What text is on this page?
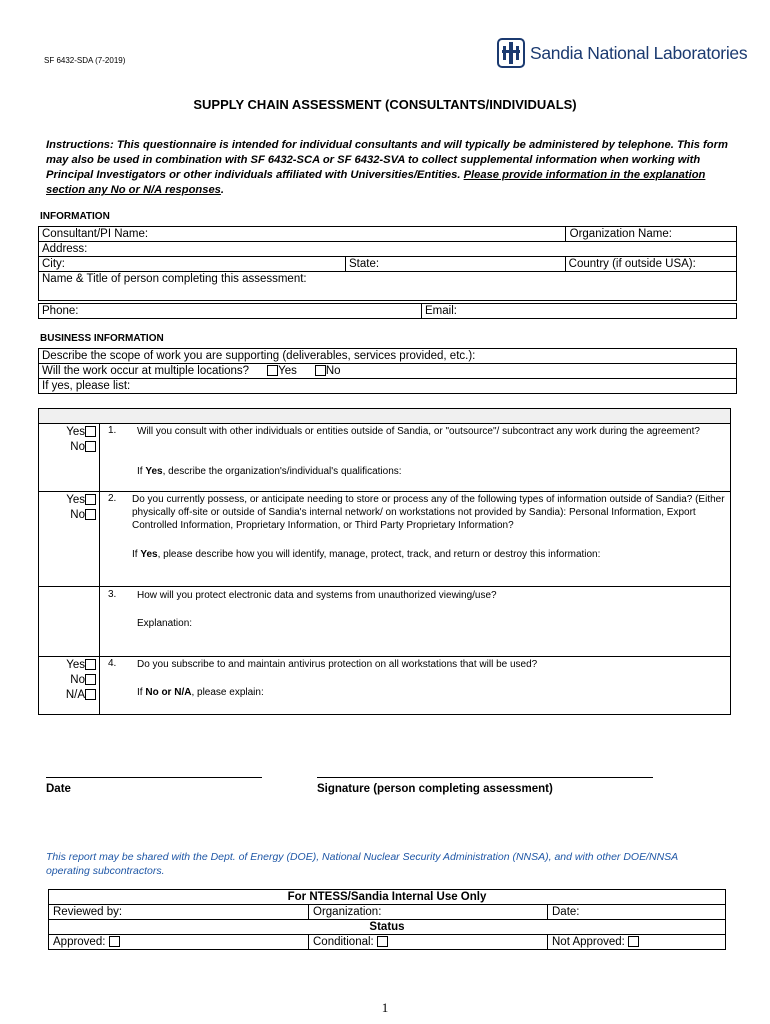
SF 6432-SDA (7-2019)	Sandia National Laboratories
SUPPLY CHAIN ASSESSMENT (CONSULTANTS/INDIVIDUALS)
Instructions: This questionnaire is intended for individual consultants and will typically be administered by telephone. This form may also be used in combination with SF 6432-SCA or SF 6432-SVA to collect supplemental information when working with Principal Investigators or other individuals affiliated with Universities/Entities. Please provide information in the explanation section any No or N/A responses.
INFORMATION
Consultant/PI Name:		Organization Name:
Address:		
City:	State:	Country (if outside USA):
Name & Title of person completing this assessment:		
Phone:	Email:
BUSINESS INFORMATION
Describe the scope of work you are supporting (deliverables, services provided, etc.):
Will the work occur at multiple locations?	Yes	No
If yes, please list:
Yes
No
1. Will you consult with other individuals or entities outside of Sandia, or "outsource"/ subcontract any work during the agreement?
If Yes, describe the organization's/individual's qualifications:
Yes
No
2. Do you currently possess, or anticipate needing to store or process any of the following types of information outside of Sandia? (Either physically off-site or outside of Sandia's internal network/ on workstations not provided by Sandia): Personal Information, Export Controlled Information, Proprietary Information, or Third Party Proprietary Information?
If Yes, please describe how you will identify, manage, protect, track, and return or destroy this information:
3. How will you protect electronic data and systems from unauthorized viewing/use?
Explanation:
Yes
No
N/A
4. Do you subscribe to and maintain antivirus protection on all workstations that will be used?
If No or N/A, please explain:
Date	Signature (person completing assessment)
This report may be shared with the Dept. of Energy (DOE), National Nuclear Security Administration (NNSA), and with other DOE/NNSA operating subcontractors.
For NTESS/Sandia Internal Use Only		
Reviewed by:	Organization:	Date:
Status		
Approved:	Conditional:	Not Approved:
1
